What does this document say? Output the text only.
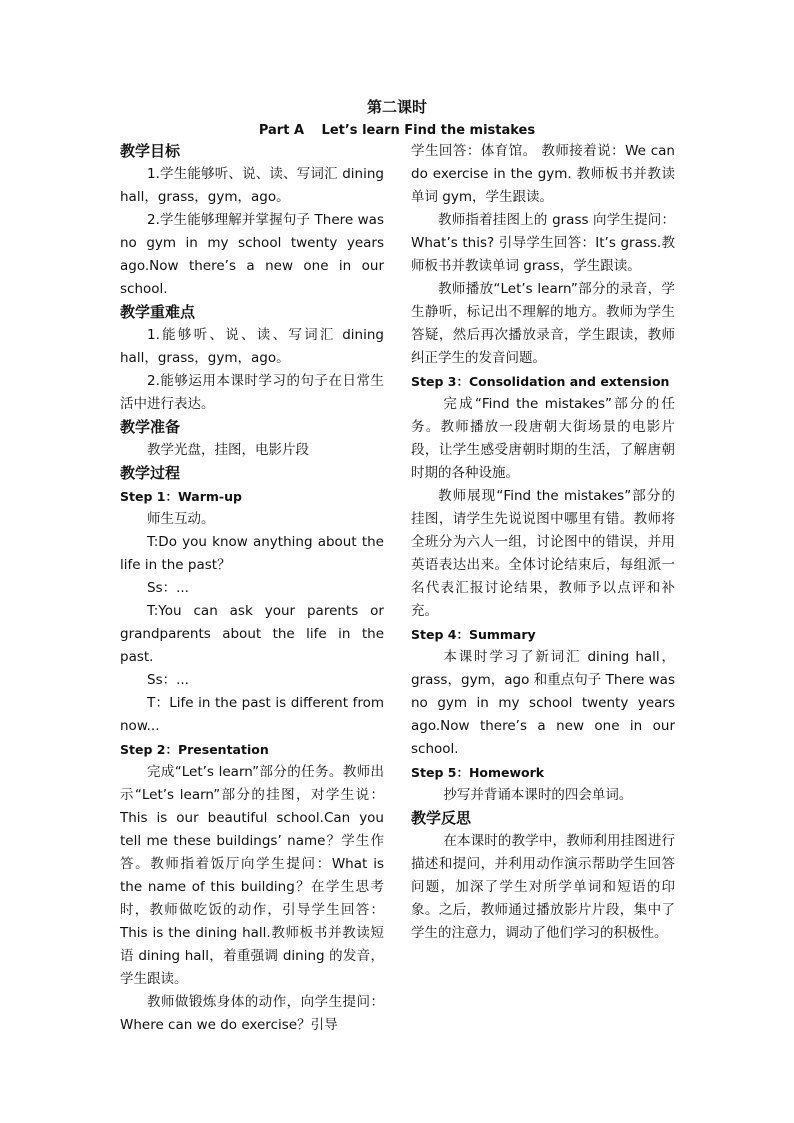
第二课时
Part A　 Let’s learn Find the mistakes

教学目标

1.学生能够听、说、读、写词汇 dining hall，grass，gym，ago。

2.学生能够理解并掌握句子 There was no gym in my school twenty years ago.Now there’s a new one in our school.

教学重难点

1.能够听、说、读、写词汇 dining hall，grass，gym，ago。

2.能够运用本课时学习的句子在日常生活中进行表达。

教学准备

教学光盘，挂图，电影片段

教学过程

Step 1：Warm-up

师生互动。

T:Do you know anything about the life in the past？

Ss：...

T:You can ask your parents or grandparents about the life in the past.

Ss：...

T：Life in the past is different from now...

Step 2：Presentation

完成“Let’s learn”部分的任务。教师出示“Let’s learn”部分的挂图，对学生说：This is our beautiful school.Can you tell me these buildings’ name？学生作答。教师指着饭厅向学生提问：What is the name of this building？在学生思考时，教师做吃饭的动作，引导学生回答：This is the dining hall.教师板书并教读短语 dining hall，着重强调 dining 的发音，学生跟读。

教师做锻炼身体的动作，向学生提问：Where can we do exercise？引导

学生回答：体育馆。 教师接着说：We can do exercise in the gym. 教师板书并教读单词 gym，学生跟读。

教师指着挂图上的 grass 向学生提问：What’s this? 引导学生回答：It’s grass.教师板书并教读单词 grass，学生跟读。

教师播放“Let’s learn”部分的录音，学生静听，标记出不理解的地方。教师为学生答疑，然后再次播放录音，学生跟读，教师纠正学生的发音问题。

Step 3：Consolidation and extension

完成“Find the mistakes”部分的任务。教师播放一段唐朝大街场景的电影片段，让学生感受唐朝时期的生活，了解唐朝时期的各种设施。

教师展现“Find the mistakes”部分的挂图，请学生先说说图中哪里有错。教师将全班分为六人一组，讨论图中的错误，并用英语表达出来。全体讨论结束后，每组派一名代表汇报讨论结果，教师予以点评和补充。

Step 4：Summary

本课时学习了新词汇 dining hall，grass，gym，ago 和重点句子 There was no gym in my school twenty years ago.Now there’s a new one in our school.

Step 5：Homework

抄写并背诵本课时的四会单词。

教学反思

在本课时的教学中，教师利用挂图进行描述和提问，并利用动作演示帮助学生回答问题，加深了学生对所学单词和短语的印象。之后，教师通过播放影片片段，集中了学生的注意力，调动了他们学习的积极性。
